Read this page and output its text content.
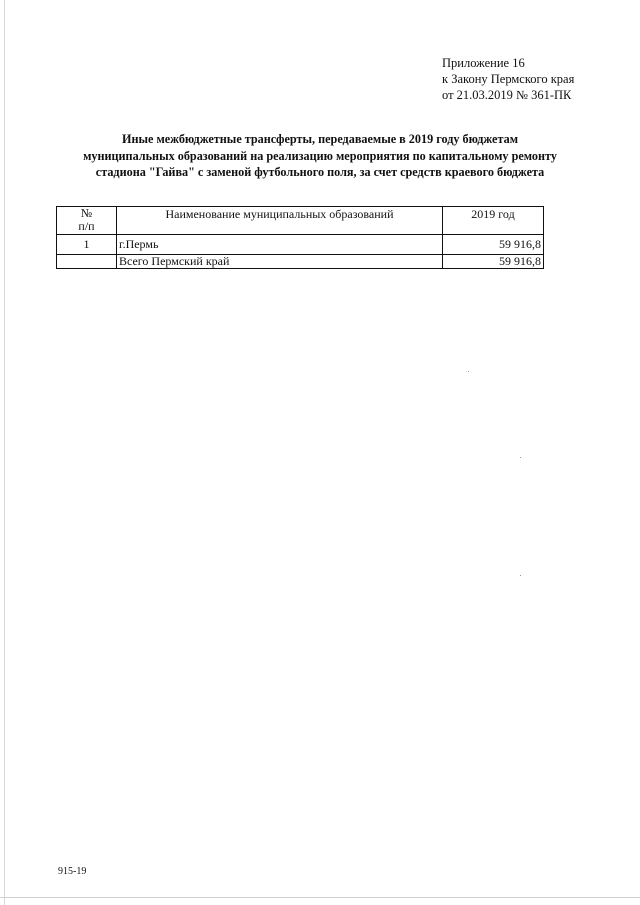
Приложение 16
к Закону Пермского края
от 21.03.2019 № 361-ПК
Иные межбюджетные трансферты, передаваемые в 2019 году бюджетам
муниципальных образований на реализацию мероприятия по капитальному ремонту
стадиона "Гайва" с заменой футбольного поля, за счет средств краевого бюджета
№
п/п	Наименование муниципальных образований	2019 год
1	г.Пермь	59 916,8
	Всего Пермский край	59 916,8
915-19
